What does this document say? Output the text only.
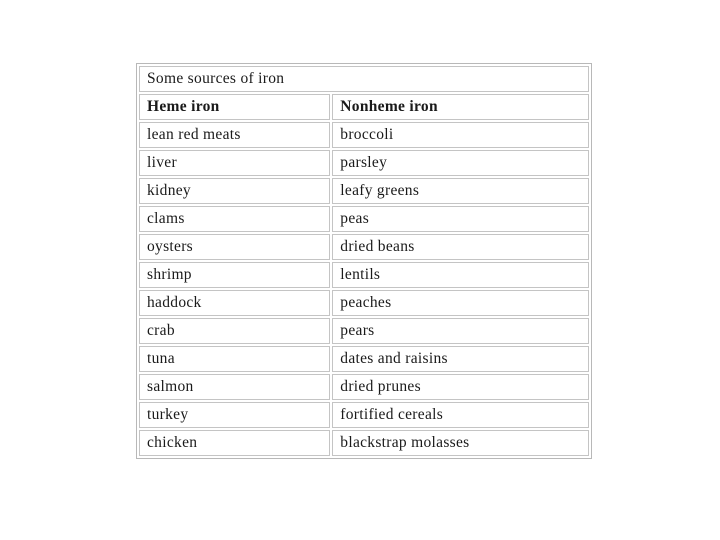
Some sources of iron	
Heme iron	Nonheme iron
lean red meats	broccoli
liver	parsley
kidney	leafy greens
clams	peas
oysters	dried beans
shrimp	lentils
haddock	peaches
crab	pears
tuna	dates and raisins
salmon	dried prunes
turkey	fortified cereals
chicken	blackstrap molasses
